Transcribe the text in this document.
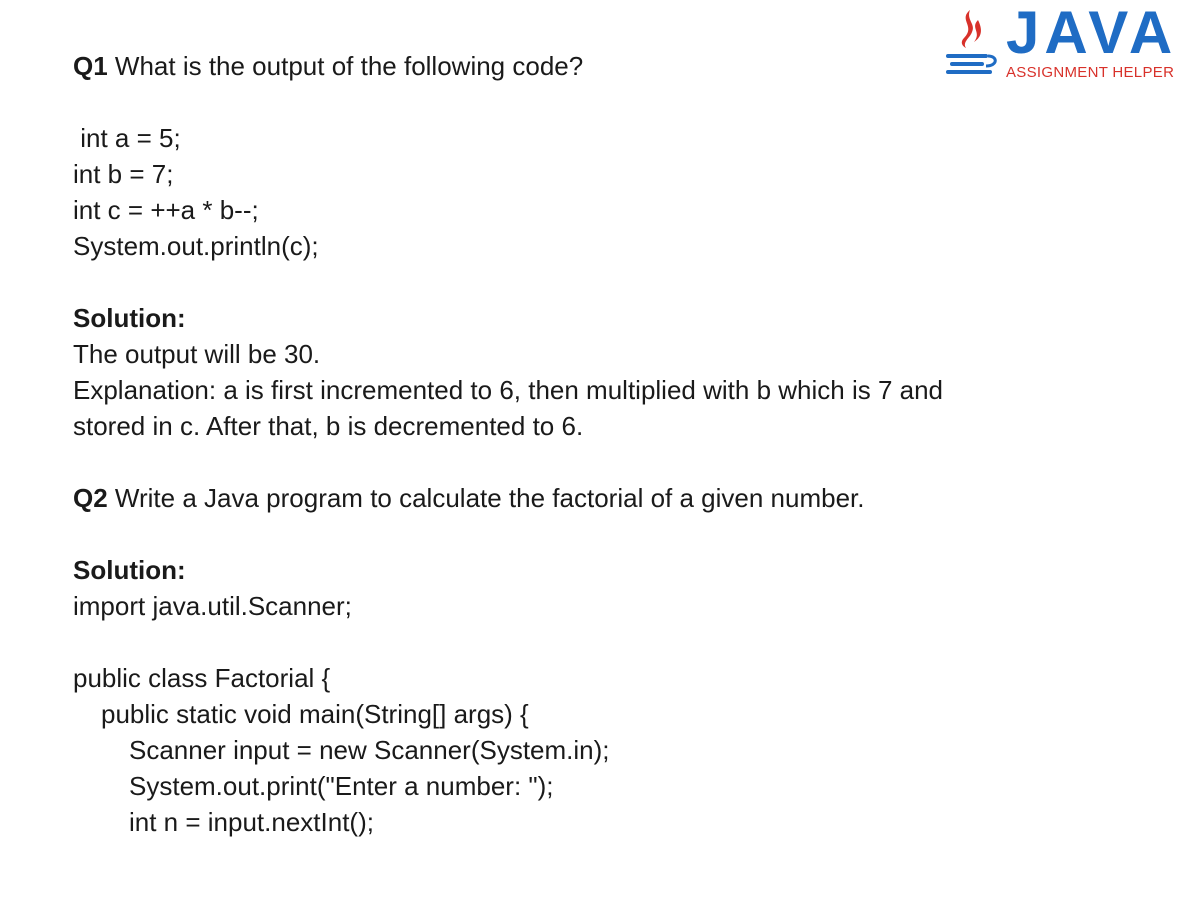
JAVA
ASSIGNMENT HELPER
Q1 What is the output of the following code?
int a = 5;
int b = 7;
int c = ++a * b--;
System.out.println(c);
Solution:
The output will be 30.
Explanation: a is first incremented to 6, then multiplied with b which is 7 and
stored in c. After that, b is decremented to 6.
Q2 Write a Java program to calculate the factorial of a given number.
Solution:
import java.util.Scanner;
public class Factorial {
public static void main(String[] args) {
Scanner input = new Scanner(System.in);
System.out.print("Enter a number: ");
int n = input.nextInt();
